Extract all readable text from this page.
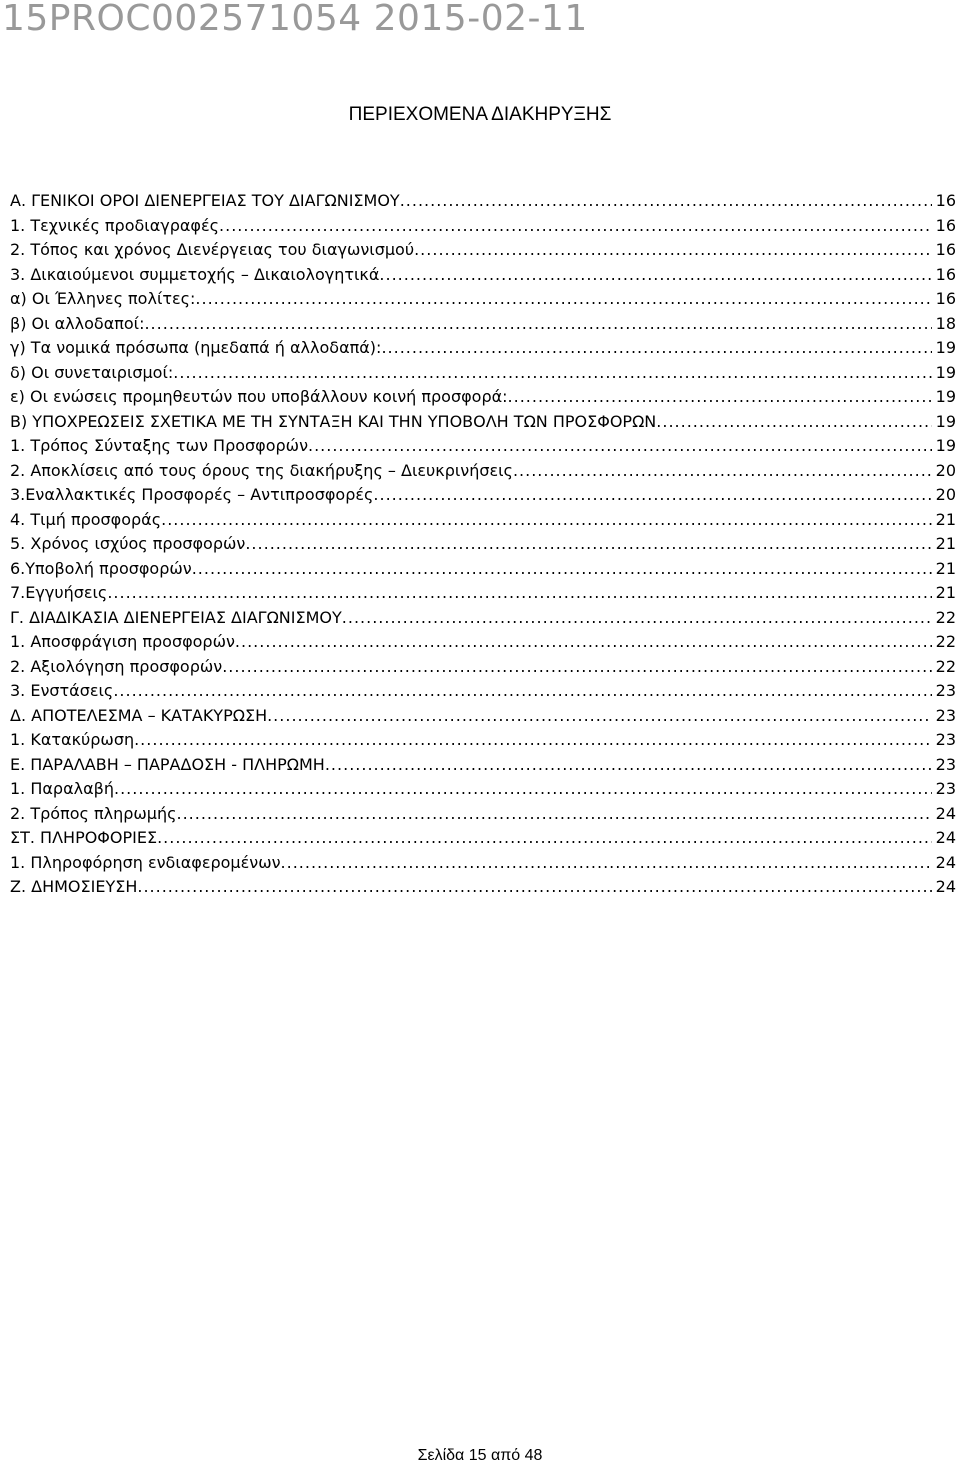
15PROC002571054 2015-02-11
ΠΕΡΙΕΧΟΜΕΝΑ ΔΙΑΚΗΡΥΞΗΣ
Α. ΓΕΝΙΚΟΙ ΟΡΟΙ ΔΙΕΝΕΡΓΕΙΑΣ ΤΟΥ ΔΙΑΓΩΝΙΣΜΟΥ .....	16
1. Τεχνικές προδιαγραφές .....	16
2. Τόπος και χρόνος Διενέργειας του διαγωνισμού .....	16
3. Δικαιούμενοι συμμετοχής – Δικαιολογητικά .....	16
α) Οι Έλληνες πολίτες: .....	16
β) Οι αλλοδαποί: .....	18
γ) Τα νομικά πρόσωπα (ημεδαπά ή αλλοδαπά): .....	19
δ) Οι συνεταιρισμοί: .....	19
ε) Οι ενώσεις προμηθευτών που υποβάλλουν κοινή προσφορά: .....	19
Β) ΥΠΟΧΡΕΩΣΕΙΣ ΣΧΕΤΙΚΑ ΜΕ ΤΗ ΣΥΝΤΑΞΗ ΚΑΙ ΤΗΝ ΥΠΟΒΟΛΗ ΤΩΝ ΠΡΟΣΦΟΡΩΝ .....	19
1. Τρόπος Σύνταξης των Προσφορών .....	19
2. Αποκλίσεις από τους όρους της διακήρυξης – Διευκρινήσεις .....	20
3.Εναλλακτικές Προσφορές – Αντιπροσφορές .....	20
4. Τιμή προσφοράς .....	21
5. Χρόνος ισχύος προσφορών .....	21
6.Υποβολή προσφορών .....	21
7.Εγγυήσεις .....	21
Γ. ΔΙΑΔΙΚΑΣΙΑ ΔΙΕΝΕΡΓΕΙΑΣ ΔΙΑΓΩΝΙΣΜΟΥ .....	22
1. Αποσφράγιση προσφορών .....	22
2. Αξιολόγηση προσφορών .....	22
3. Ενστάσεις .....	23
Δ. ΑΠΟΤΕΛΕΣΜΑ – ΚΑΤΑΚΥΡΩΣΗ .....	23
1. Κατακύρωση .....	23
Ε. ΠΑΡΑΛΑΒΗ – ΠΑΡΑΔΟΣΗ - ΠΛΗΡΩΜΗ .....	23
1. Παραλαβή .....	23
2. Τρόπος πληρωμής .....	24
ΣΤ. ΠΛΗΡΟΦΟΡΙΕΣ .....	24
1. Πληροφόρηση ενδιαφερομένων .....	24
Ζ. ΔΗΜΟΣΙΕΥΣΗ .....	24
Σελίδα 15 από 48
